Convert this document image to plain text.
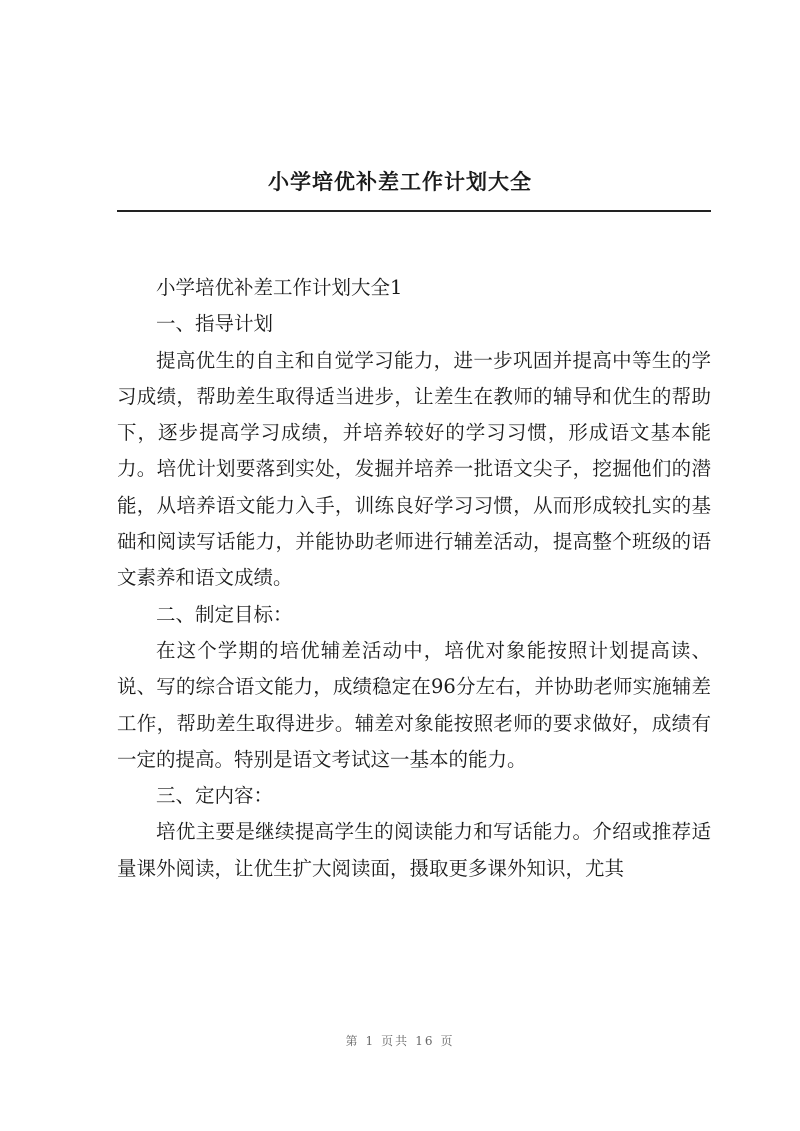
小学培优补差工作计划大全

小学培优补差工作计划大全1

一、指导计划

提高优生的自主和自觉学习能力，进一步巩固并提高中等生的学习成绩，帮助差生取得适当进步，让差生在教师的辅导和优生的帮助下，逐步提高学习成绩，并培养较好的学习习惯，形成语文基本能力。培优计划要落到实处，发掘并培养一批语文尖子，挖掘他们的潜能，从培养语文能力入手，训练良好学习习惯，从而形成较扎实的基础和阅读写话能力，并能协助老师进行辅差活动，提高整个班级的语文素养和语文成绩。

二、制定目标：

在这个学期的培优辅差活动中，培优对象能按照计划提高读、说、写的综合语文能力，成绩稳定在96分左右，并协助老师实施辅差工作，帮助差生取得进步。辅差对象能按照老师的要求做好，成绩有一定的提高。特别是语文考试这一基本的能力。

三、定内容：

培优主要是继续提高学生的阅读能力和写话能力。介绍或推荐适量课外阅读，让优生扩大阅读面，摄取更多课外知识，尤其

第 1 页共 16 页
